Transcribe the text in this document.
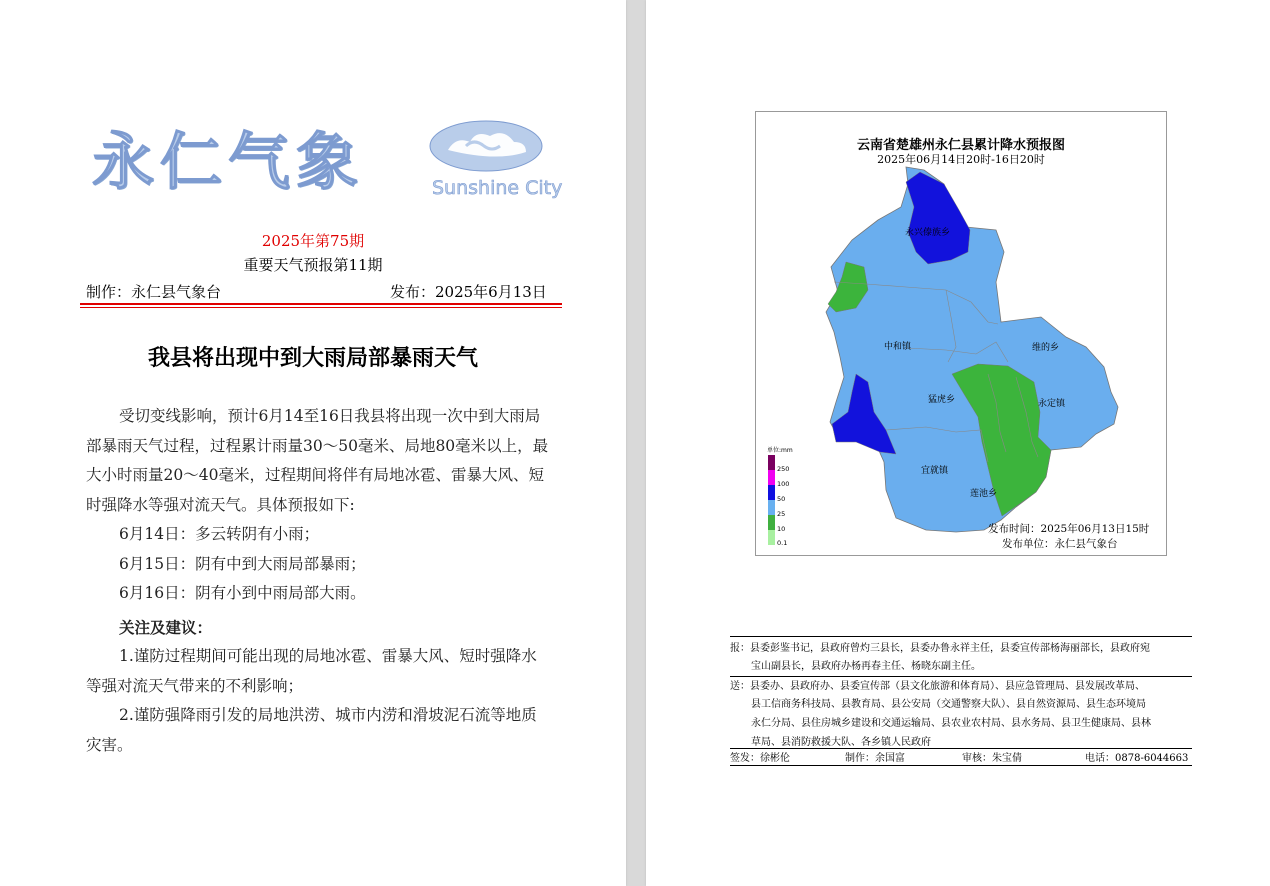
永仁气象	Sunshine City
2025年第75期
重要天气预报第11期
制作：永仁县气象台	发布：2025年6月13日
我县将出现中到大雨局部暴雨天气

受切变线影响，预计6月14至16日我县将出现一次中到大雨局部暴雨天气过程，过程累计雨量30～50毫米、局地80毫米以上，最大小时雨量20～40毫米，过程期间将伴有局地冰雹、雷暴大风、短时强降水等强对流天气。具体预报如下:

6月14日：多云转阴有小雨；

6月15日：阴有中到大雨局部暴雨；

6月16日：阴有小到中雨局部大雨。

关注及建议：

1.谨防过程期间可能出现的局地冰雹、雷暴大风、短时强降水等强对流天气带来的不利影响；

2.谨防强降雨引发的局地洪涝、城市内涝和滑坡泥石流等地质灾害。

云南省楚雄州永仁县累计降水预报图
2025年06月14日20时-16日20时
永兴傣族乡
中和镇	维的乡
猛虎乡	永定镇
宜就镇
莲池乡
单位:mm
250
100
50
25
10
0.1
发布时间：2025年06月13日15时
发布单位：永仁县气象台
报：县委彭鉴书记，县政府曾灼三县长，县委办鲁永祥主任，县委宣传部杨海丽部长，县政府宛
宝山副县长，县政府办杨再春主任、杨晓东副主任。
送：县委办、县政府办、县委宣传部（县文化旅游和体育局）、县应急管理局、县发展改革局、
县工信商务科技局、县教育局、县公安局（交通警察大队）、县自然资源局、县生态环境局
永仁分局、县住房城乡建设和交通运输局、县农业农村局、县水务局、县卫生健康局、县林
草局、县消防救援大队、各乡镇人民政府
签发：徐彬伦	制作：余国富	审核：朱宝倩	电话：0878-6044663
